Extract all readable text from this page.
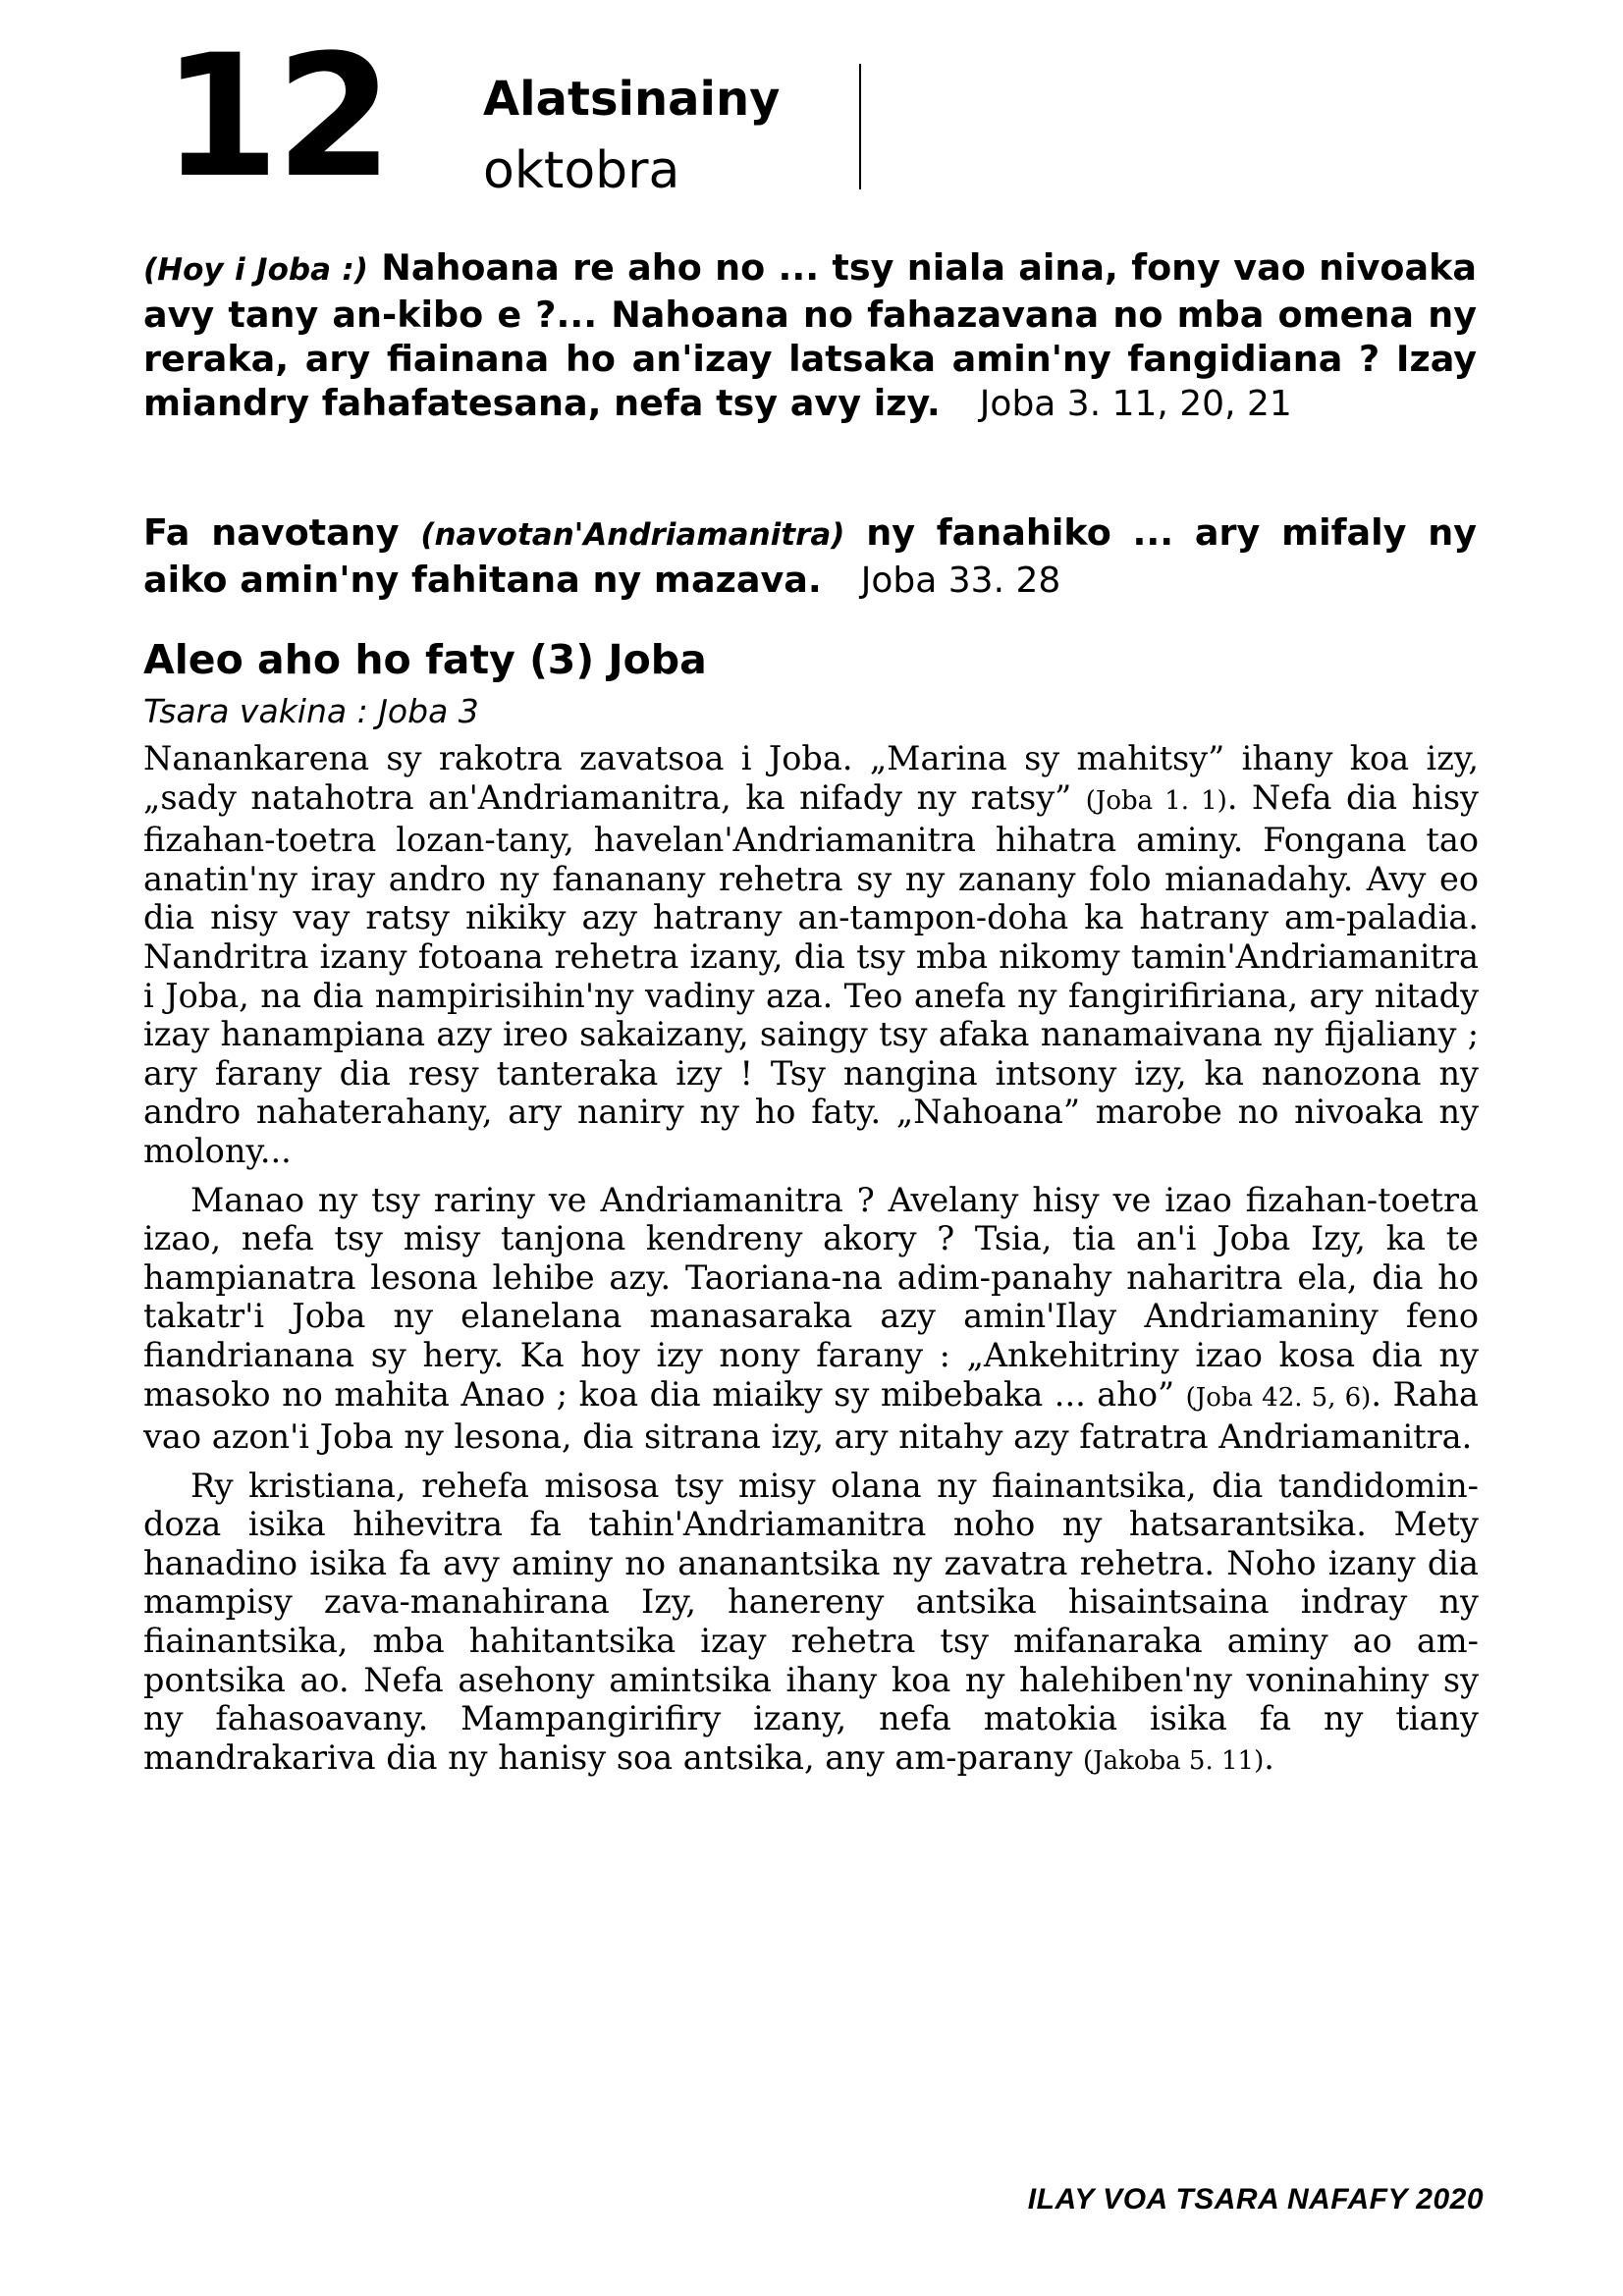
12 Alatsinainy
oktobra
(Hoy i Joba :) Nahoana re aho no ... tsy niala aina, fony vao nivoaka avy tany an-kibo e ?... Nahoana no fahazavana no mba omena ny reraka, ary fiainana ho an'izay latsaka amin'ny fangidiana ? Izay miandry fahafatesana, nefa tsy avy izy. Joba 3. 11, 20, 21
Fa navotany (navotan'Andriamanitra) ny fanahiko ... ary mifaly ny aiko amin'ny fahitana ny mazava. Joba 33. 28
Aleo aho ho faty (3) Joba
Tsara vakina : Joba 3

Nanankarena sy rakotra zavatsoa i Joba. „Marina sy mahitsy” ihany koa izy, „sady natahotra an'Andriamanitra, ka nifady ny ratsy” (Joba 1. 1). Nefa dia hisy fizahan-toetra lozan-tany, havelan'Andriamanitra hihatra aminy. Fongana tao anatin'ny iray andro ny fananany rehetra sy ny zanany folo mianadahy. Avy eo dia nisy vay ratsy nikiky azy hatrany an-tampon-doha ka hatrany am-paladia. Nandritra izany fotoana rehetra izany, dia tsy mba nikomy tamin'Andriamanitra i Joba, na dia nampirisihin'ny vadiny aza. Teo anefa ny fangirifiriana, ary nitady izay hanampiana azy ireo sakaizany, saingy tsy afaka nanamaivana ny fijaliany ; ary farany dia resy tanteraka izy ! Tsy nangina intsony izy, ka nanozona ny andro nahaterahany, ary naniry ny ho faty. „Nahoana” marobe no nivoaka ny molony...

Manao ny tsy rariny ve Andriamanitra ? Avelany hisy ve izao fizahan-toetra izao, nefa tsy misy tanjona kendreny akory ? Tsia, tia an'i Joba Izy, ka te hampianatra lesona lehibe azy. Taoriana-na adim-panahy naharitra ela, dia ho takatr'i Joba ny elanelana manasaraka azy amin'Ilay Andriamaniny feno fiandrianana sy hery. Ka hoy izy nony farany : „Ankehitriny izao kosa dia ny masoko no mahita Anao ; koa dia miaiky sy mibebaka ... aho” (Joba 42. 5, 6). Raha vao azon'i Joba ny lesona, dia sitrana izy, ary nitahy azy fatratra Andriamanitra.

Ry kristiana, rehefa misosa tsy misy olana ny fiainantsika, dia tandidomin-doza isika hihevitra fa tahin'Andriamanitra noho ny hatsarantsika. Mety hanadino isika fa avy aminy no ananantsika ny zavatra rehetra. Noho izany dia mampisy zava-manahirana Izy, hanereny antsika hisaintsaina indray ny fiainantsika, mba hahitantsika izay rehetra tsy mifanaraka aminy ao am-pontsika ao. Nefa asehony amintsika ihany koa ny halehiben'ny voninahiny sy ny fahasoavany. Mampangirifiry izany, nefa matokia isika fa ny tiany mandrakariva dia ny hanisy soa antsika, any am-parany (Jakoba 5. 11).

ILAY VOA TSARA NAFAFY 2020
